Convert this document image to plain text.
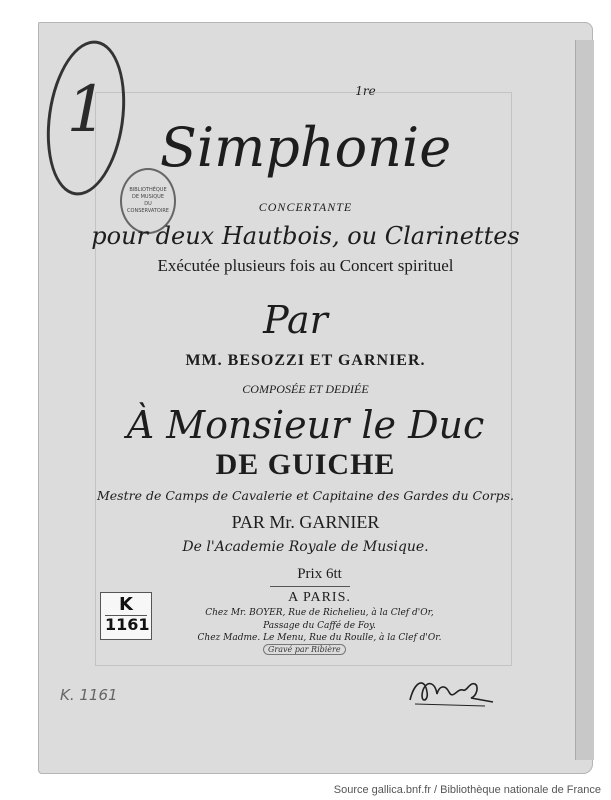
1
BIBLIOTHÈQUE
DE MUSIQUE
DU
CONSERVATOIRE
1re
Simphonie
CONCERTANTE
pour deux Hautbois, ou Clarinettes
Exécutée plusieurs fois au Concert spirituel
Par
MM. BESOZZI ET GARNIER.
COMPOSÉE ET DEDIÉE
À Monsieur le Duc
DE GUICHE
Mestre de Camps de Cavalerie et Capitaine des Gardes du Corps.
PAR Mr. GARNIER
De l'Academie Royale de Musique.
Prix 6tt
A PARIS.
Chez Mr. BOYER, Rue de Richelieu, à la Clef d'Or,
Passage du Caffé de Foy.
Chez Madme. Le Menu, Rue du Roulle, à la Clef d'Or.
Gravé par Ribière
K
1161
K. 1161
Source gallica.bnf.fr / Bibliothèque nationale de France
